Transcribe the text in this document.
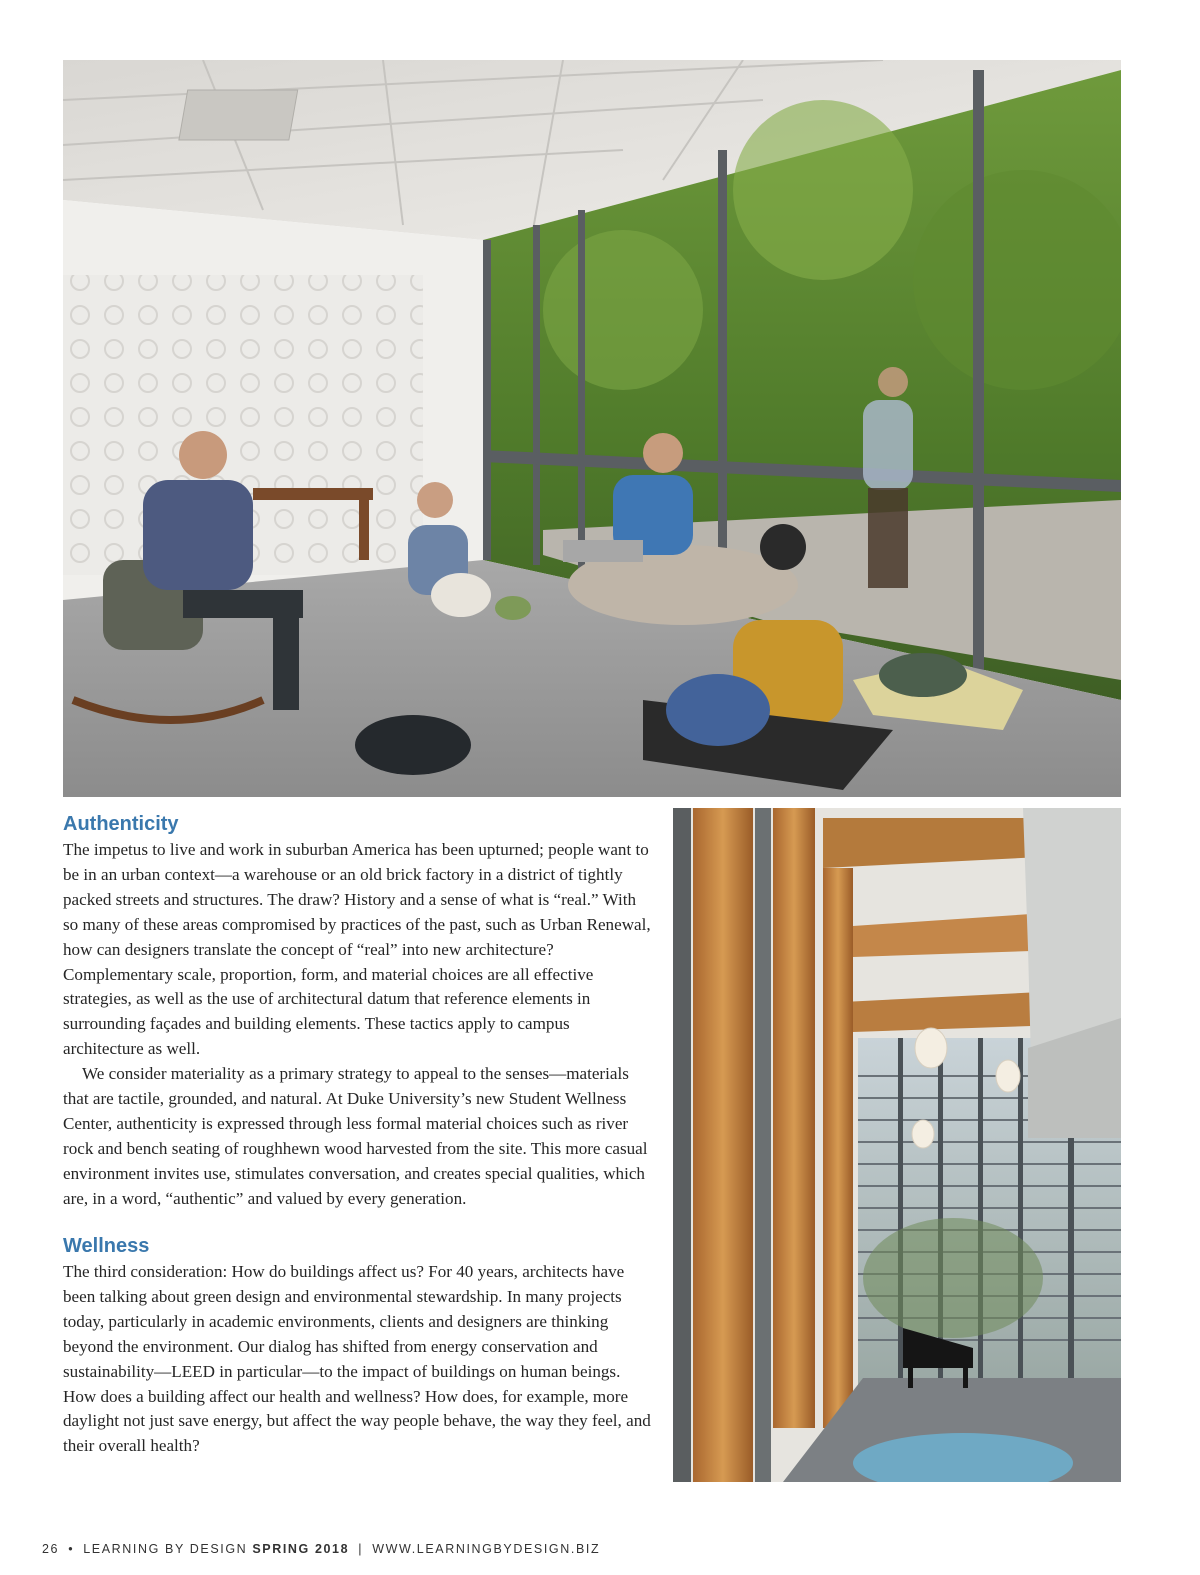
Authenticity

The impetus to live and work in suburban America has been upturned; people want to be in an urban context—a warehouse or an old brick factory in a district of tightly packed streets and structures. The draw? History and a sense of what is “real.” With so many of these areas compromised by practices of the past, such as Urban Renewal, how can designers translate the concept of “real” into new architecture? Complementary scale, proportion, form, and material choices are all effective strategies, as well as the use of architectural datum that reference elements in surrounding façades and building elements. These tactics apply to campus architecture as well.

We consider materiality as a primary strategy to appeal to the senses—materials that are tactile, grounded, and natural. At Duke University’s new Student Wellness Center, authenticity is expressed through less formal material choices such as river rock and bench seating of roughhewn wood harvested from the site. This more casual environment invites use, stimulates conversation, and creates special qualities, which are, in a word, “authentic” and valued by every generation.

Wellness

The third consideration: How do buildings affect us? For 40 years, architects have been talking about green design and environmental stewardship. In many projects today, particularly in academic environments, clients and designers are thinking beyond the environment. Our dialog has shifted from energy conservation and sustainability—LEED in particular—to the impact of buildings on human beings. How does a building affect our health and wellness? How does, for example, more daylight not just save energy, but affect the way people behave, the way they feel, and their overall health?

26 • LEARNING BY DESIGN SPRING 2018 | WWW.LEARNINGBYDESIGN.BIZ
